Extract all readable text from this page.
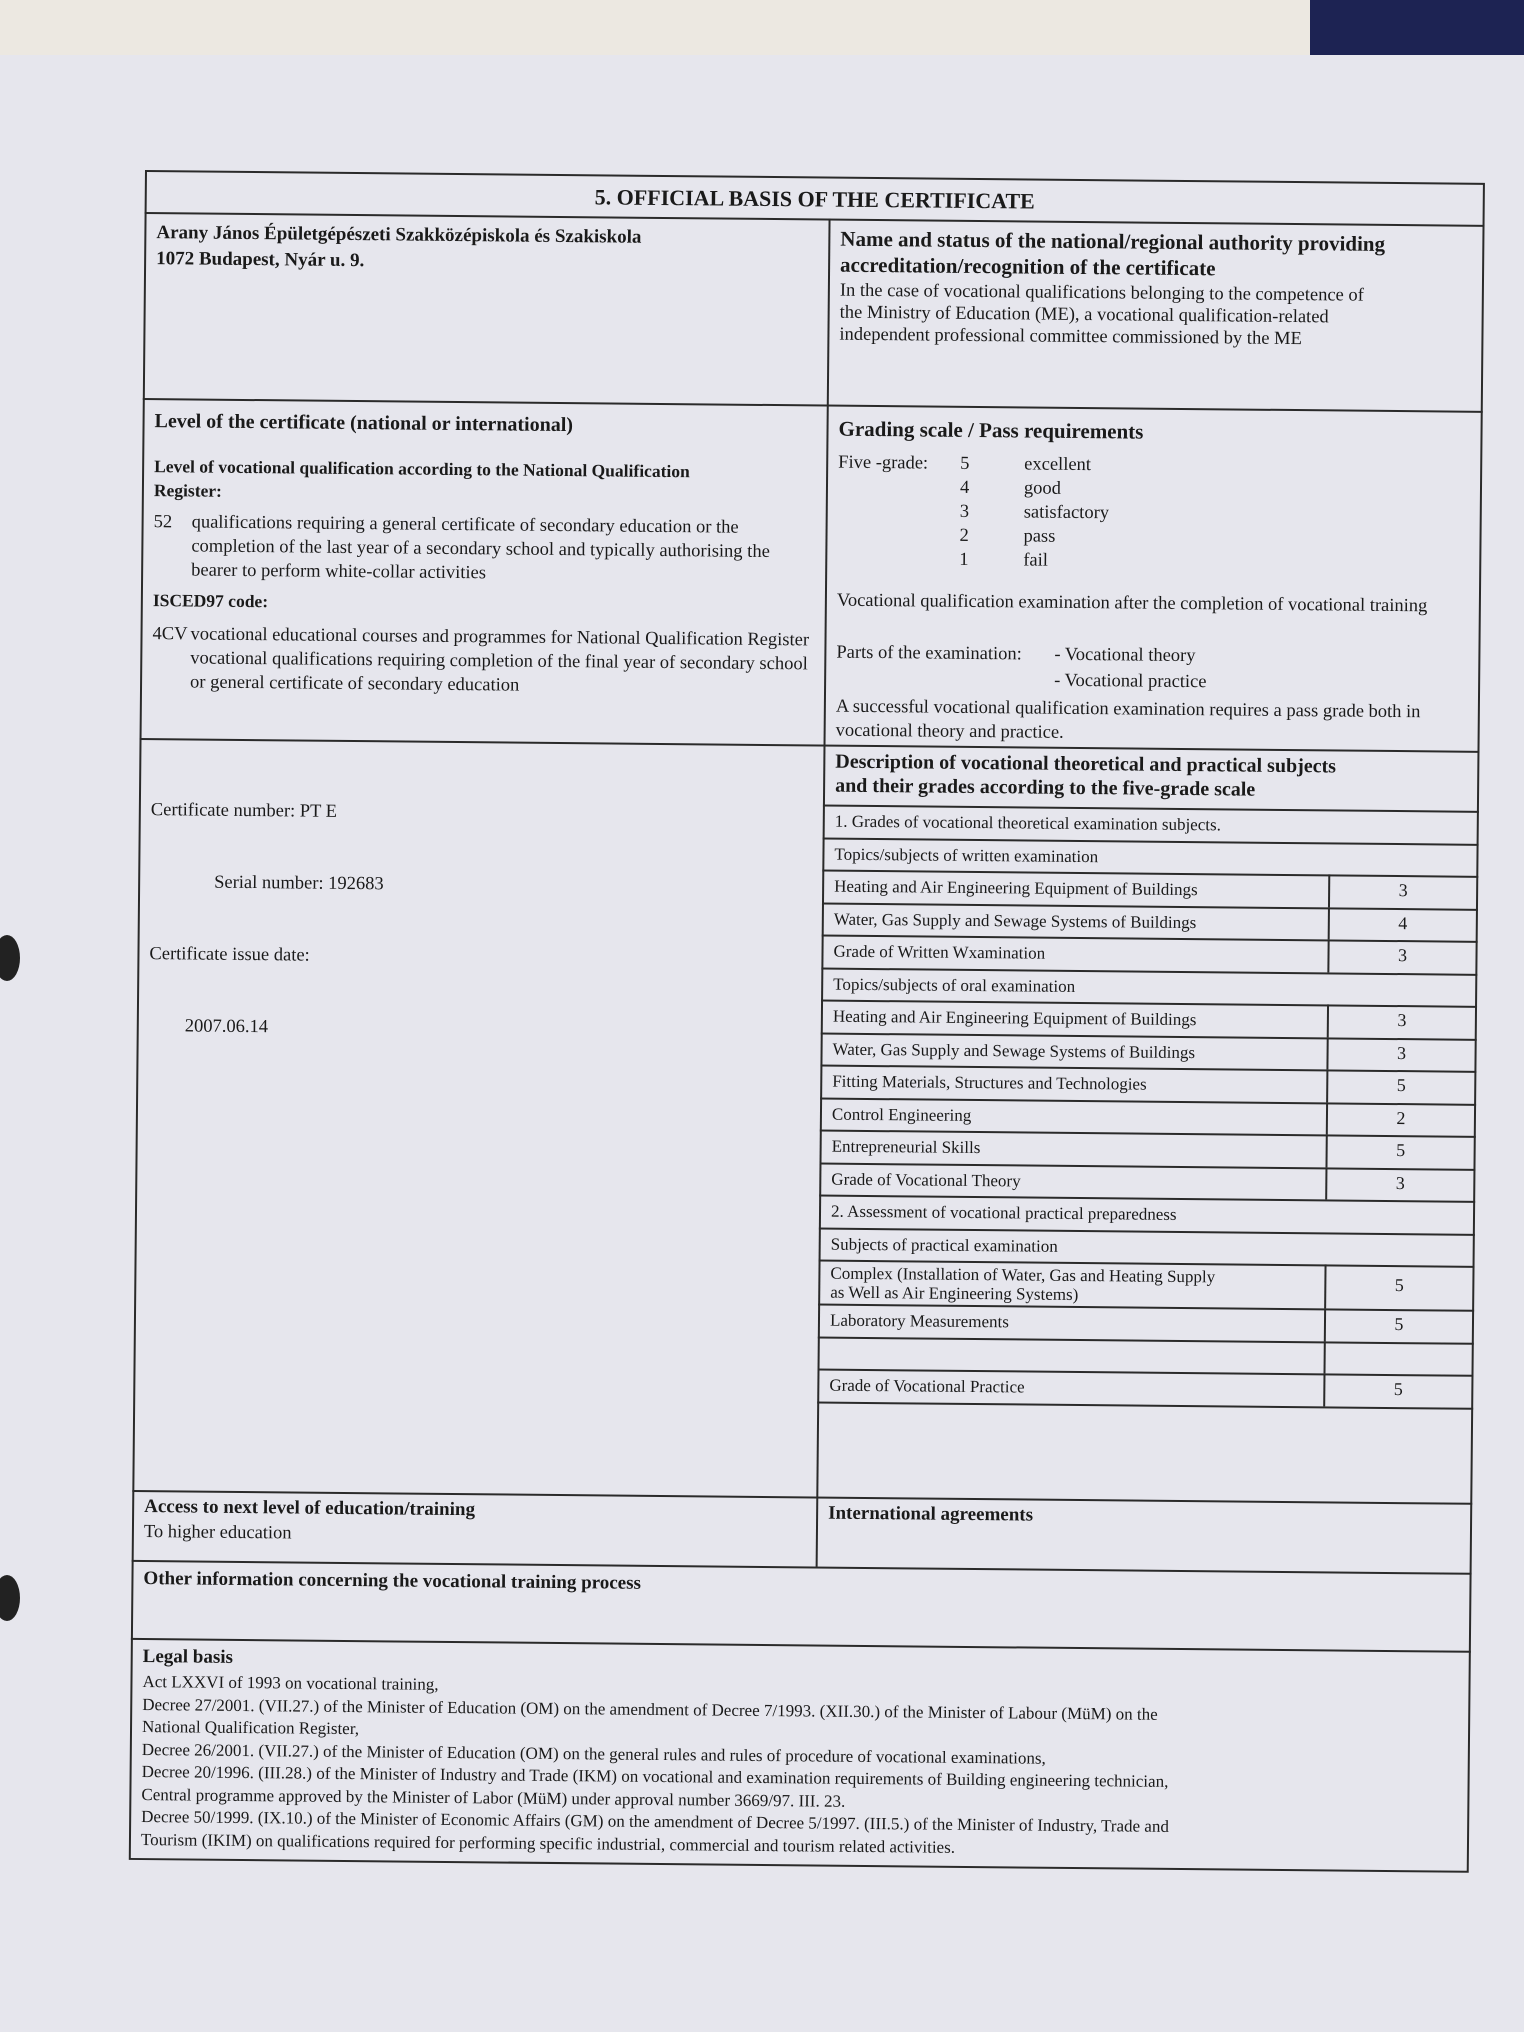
5. OFFICIAL BASIS OF THE CERTIFICATE
Arany János Épületgépészeti Szakközépiskola és Szakiskola
1072 Budapest, Nyár u. 9.
Name and status of the national/regional authority providing
accreditation/recognition of the certificate
In the case of vocational qualifications belonging to the competence of
the Ministry of Education (ME), a vocational qualification-related
independent professional committee commissioned by the ME
Level of the certificate (national or international)
Level of vocational qualification according to the National Qualification
Register:
52 qualifications requiring a general certificate of secondary education or the completion of the last year of a secondary school and typically authorising the bearer to perform white-collar activities
ISCED97 code:
4CV vocational educational courses and programmes for National Qualification Register vocational qualifications requiring completion of the final year of secondary school or general certificate of secondary education
Grading scale / Pass requirements
Five -grade: 5	excellent
4	good
3	satisfactory
2	pass
1	fail
Vocational qualification examination after the completion of vocational training
Parts of the examination: - Vocational theory
- Vocational practice
A successful vocational qualification examination requires a pass grade both in vocational theory and practice.
Certificate number: PT E
Serial number: 192683
Certificate issue date:
2007.06.14
Description of vocational theoretical and practical subjects
and their grades according to the five-grade scale
1. Grades of vocational theoretical examination subjects.
Topics/subjects of written examination
Heating and Air Engineering Equipment of Buildings	3
Water, Gas Supply and Sewage Systems of Buildings	4
Grade of Written Wxamination	3
Topics/subjects of oral examination
Heating and Air Engineering Equipment of Buildings	3
Water, Gas Supply and Sewage Systems of Buildings	3
Fitting Materials, Structures and Technologies	5
Control Engineering	2
Entrepreneurial Skills	5
Grade of Vocational Theory	3
2. Assessment of vocational practical preparedness
Subjects of practical examination
Complex (Installation of Water, Gas and Heating Supply
as Well as Air Engineering Systems)	5
Laboratory Measurements	5
Grade of Vocational Practice	5
Access to next level of education/training
To higher education
International agreements
Other information concerning the vocational training process
Legal basis
Act LXXVI of 1993 on vocational training,
Decree 27/2001. (VII.27.) of the Minister of Education (OM) on the amendment of Decree 7/1993. (XII.30.) of the Minister of Labour (MüM) on the
National Qualification Register,
Decree 26/2001. (VII.27.) of the Minister of Education (OM) on the general rules and rules of procedure of vocational examinations,
Decree 20/1996. (III.28.) of the Minister of Industry and Trade (IKM) on vocational and examination requirements of Building engineering technician,
Central programme approved by the Minister of Labor (MüM) under approval number 3669/97. III. 23.
Decree 50/1999. (IX.10.) of the Minister of Economic Affairs (GM) on the amendment of Decree 5/1997. (III.5.) of the Minister of Industry, Trade and
Tourism (IKIM) on qualifications required for performing specific industrial, commercial and tourism related activities.
